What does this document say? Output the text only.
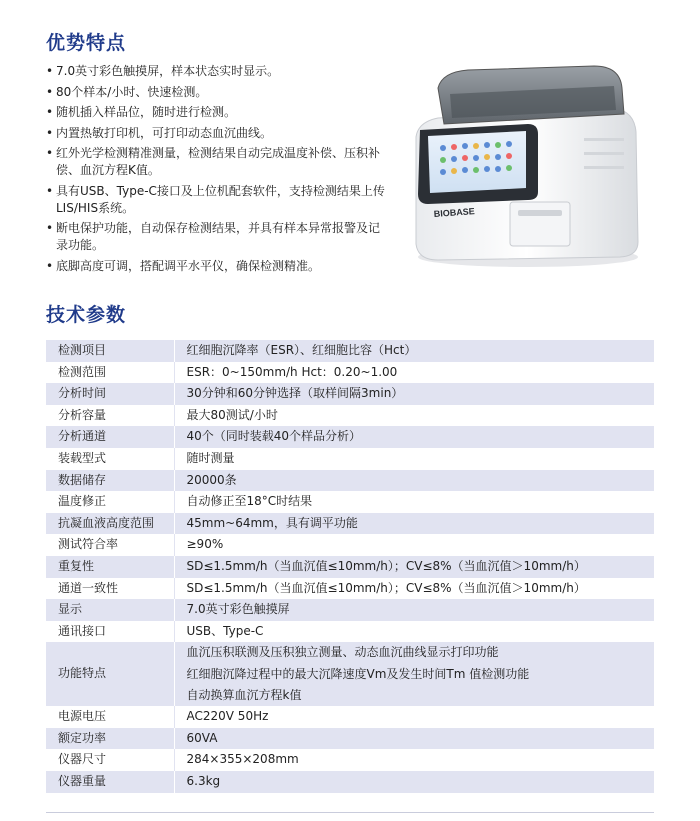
优势特点
• 7.0英寸彩色触摸屏，样本状态实时显示。
• 80个样本/小时、快速检测。
• 随机插入样品位，随时进行检测。
• 内置热敏打印机，可打印动态血沉曲线。
• 红外光学检测精准测量，检测结果自动完成温度补偿、压积补偿、血沉方程K值。
• 具有USB、Type-C接口及上位机配套软件，支持检测结果上传LIS/HIS系统。
• 断电保护功能，自动保存检测结果，并具有样本异常报警及记录功能。
• 底脚高度可调，搭配调平水平仪，确保检测精准。
BIOBASE
技术参数
检测项目	红细胞沉降率（ESR）、红细胞比容（Hct）
检测范围	ESR：0~150mm/h Hct：0.20~1.00
分析时间	30分钟和60分钟选择（取样间隔3min）
分析容量	最大80测试/小时
分析通道	40个（同时装载40个样品分析）
装载型式	随时测量
数据储存	20000条
温度修正	自动修正至18°C时结果
抗凝血液高度范围	45mm~64mm，具有调平功能
测试符合率	≥90%
重复性	SD≤1.5mm/h（当血沉值≤10mm/h）；CV≤8%（当血沉值＞10mm/h）
通道一致性	SD≤1.5mm/h（当血沉值≤10mm/h）；CV≤8%（当血沉值＞10mm/h）
显示	7.0英寸彩色触摸屏
通讯接口	USB、Type-C
功能特点	血沉压积联测及压积独立测量、动态血沉曲线显示打印功能
红细胞沉降过程中的最大沉降速度Vm及发生时间Tm 值检测功能
自动换算血沉方程k值

电源电压	AC220V 50Hz
额定功率	60VA
仪器尺寸	284×355×208mm
仪器重量	6.3kg
